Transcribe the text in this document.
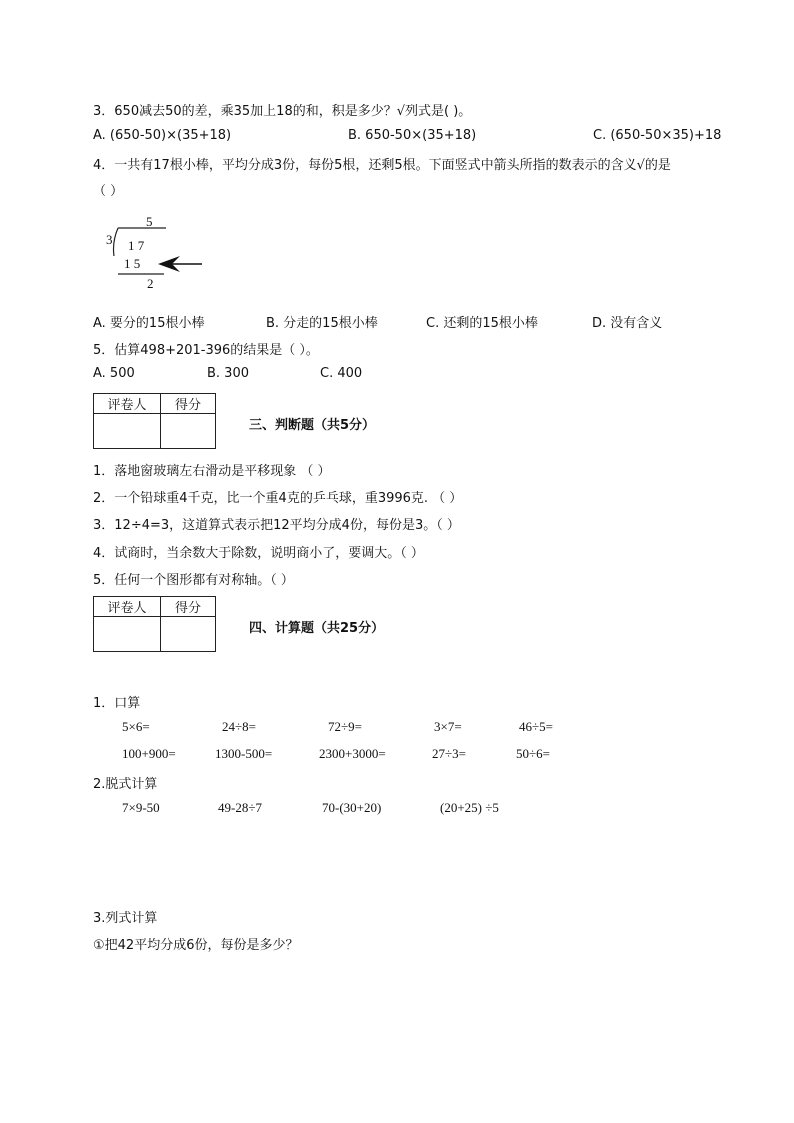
3．650减去50的差，乘35加上18的和，积是多少？√列式是( )。
A. (650-50)×(35+18)	B. 650-50×(35+18)	C. (650-50×35)+18
4．一共有17根小棒，平均分成3份，每份5根，还剩5根。下面竖式中箭头所指的数表示的含义√的是
（ ）
5
3 1 7
1 5
2
A. 要分的15根小棒	B. 分走的15根小棒	C. 还剩的15根小棒	D. 没有含义
5．估算498+201-396的结果是（ ）。
A. 500	B. 300	C. 400
评卷人	得分

三、判断题（共5分）
1．落地窗玻璃左右滑动是平移现象 （ ）
2．一个铅球重4千克，比一个重4克的乒乓球，重3996克. （ ）
3．12÷4=3，这道算式表示把12平均分成4份，每份是3。（ ）
4．试商时，当余数大于除数，说明商小了，要调大。（ ）
5．任何一个图形都有对称轴。（ ）
评卷人	得分

四、计算题（共25分）
1．口算
5×6=	24÷8=	72÷9=	3×7=	46÷5=
100+900=	1300-500=	2300+3000=	27÷3=	50÷6=
2.脱式计算
7×9-50	49-28÷7	70-(30+20)	(20+25) ÷5
3.列式计算
①把42平均分成6份，每份是多少？
